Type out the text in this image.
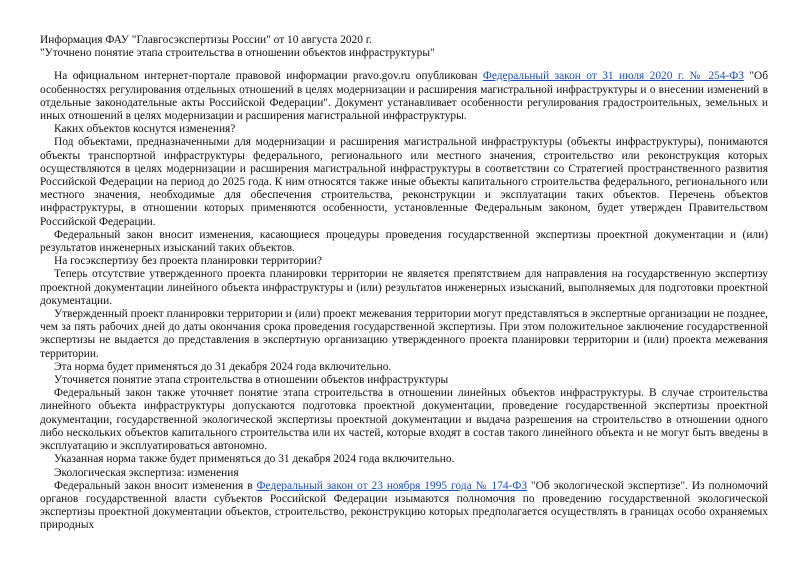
Информация ФАУ "Главгосэкспертизы России" от 10 августа 2020 г.
"Уточнено понятие этапа строительства в отношении объектов инфраструктуры"

На официальном интернет-портале правовой информации pravo.gov.ru опубликован Федеральный закон от 31 июля 2020 г. № 254-ФЗ "Об особенностях регулирования отдельных отношений в целях модернизации и расширения магистральной инфраструктуры и о внесении изменений в отдельные законодательные акты Российской Федерации". Документ устанавливает особенности регулирования градостроительных, земельных и иных отношений в целях модернизации и расширения магистральной инфраструктуры.

Каких объектов коснутся изменения?

Под объектами, предназначенными для модернизации и расширения магистральной инфраструктуры (объекты инфраструктуры), понимаются объекты транспортной инфраструктуры федерального, регионального или местного значения, строительство или реконструкция которых осуществляются в целях модернизации и расширения магистральной инфраструктуры в соответствии со Стратегией пространственного развития Российской Федерации на период до 2025 года. К ним относятся также иные объекты капитального строительства федерального, регионального или местного значения, необходимые для обеспечения строительства, реконструкции и эксплуатации таких объектов. Перечень объектов инфраструктуры, в отношении которых применяются особенности, установленные Федеральным законом, будет утвержден Правительством Российской Федерации.

Федеральный закон вносит изменения, касающиеся процедуры проведения государственной экспертизы проектной документации и (или) результатов инженерных изысканий таких объектов.

На госэкспертизу без проекта планировки территории?

Теперь отсутствие утвержденного проекта планировки территории не является препятствием для направления на государственную экспертизу проектной документации линейного объекта инфраструктуры и (или) результатов инженерных изысканий, выполняемых для подготовки проектной документации.

Утвержденный проект планировки территории и (или) проект межевания территории могут представляться в экспертные организации не позднее, чем за пять рабочих дней до даты окончания срока проведения государственной экспертизы. При этом положительное заключение государственной экспертизы не выдается до представления в экспертную организацию утвержденного проекта планировки территории и (или) проекта межевания территории.

Эта норма будет применяться до 31 декабря 2024 года включительно.

Уточняется понятие этапа строительства в отношении объектов инфраструктуры

Федеральный закон также уточняет понятие этапа строительства в отношении линейных объектов инфраструктуры. В случае строительства линейного объекта инфраструктуры допускаются подготовка проектной документации, проведение государственной экспертизы проектной документации, государственной экологической экспертизы проектной документации и выдача разрешения на строительство в отношении одного либо нескольких объектов капитального строительства или их частей, которые входят в состав такого линейного объекта и не могут быть введены в эксплуатацию и эксплуатироваться автономно.

Указанная норма также будет применяться до 31 декабря 2024 года включительно.

Экологическая экспертиза: изменения

Федеральный закон вносит изменения в Федеральный закон от 23 ноября 1995 года № 174-ФЗ "Об экологической экспертизе". Из полномочий органов государственной власти субъектов Российской Федерации изымаются полномочия по проведению государственной экологической экспертизы проектной документации объектов, строительство, реконструкцию которых предполагается осуществлять в границах особо охраняемых природных
